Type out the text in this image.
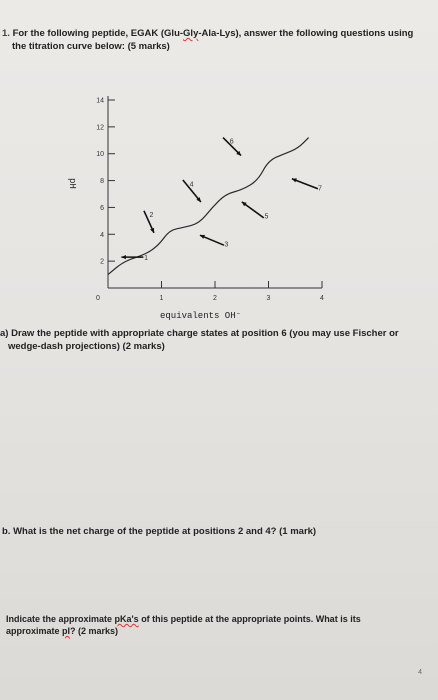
1. For the following peptide, EGAK (Glu-Gly-Ala-Lys), answer the following questions using
the titration curve below: (5 marks)
2
4
6
8
10
12
14
0	1	2	3	4
1
2
3
4
5
6
7
pH
equivalents OH⁻
a) Draw the peptide with appropriate charge states at position 6 (you may use Fischer or
wedge-dash projections) (2 marks)
b. What is the net charge of the peptide at positions 2 and 4? (1 mark)
Indicate the approximate pKa's of this peptide at the appropriate points. What is its
approximate pI? (2 marks)
4
